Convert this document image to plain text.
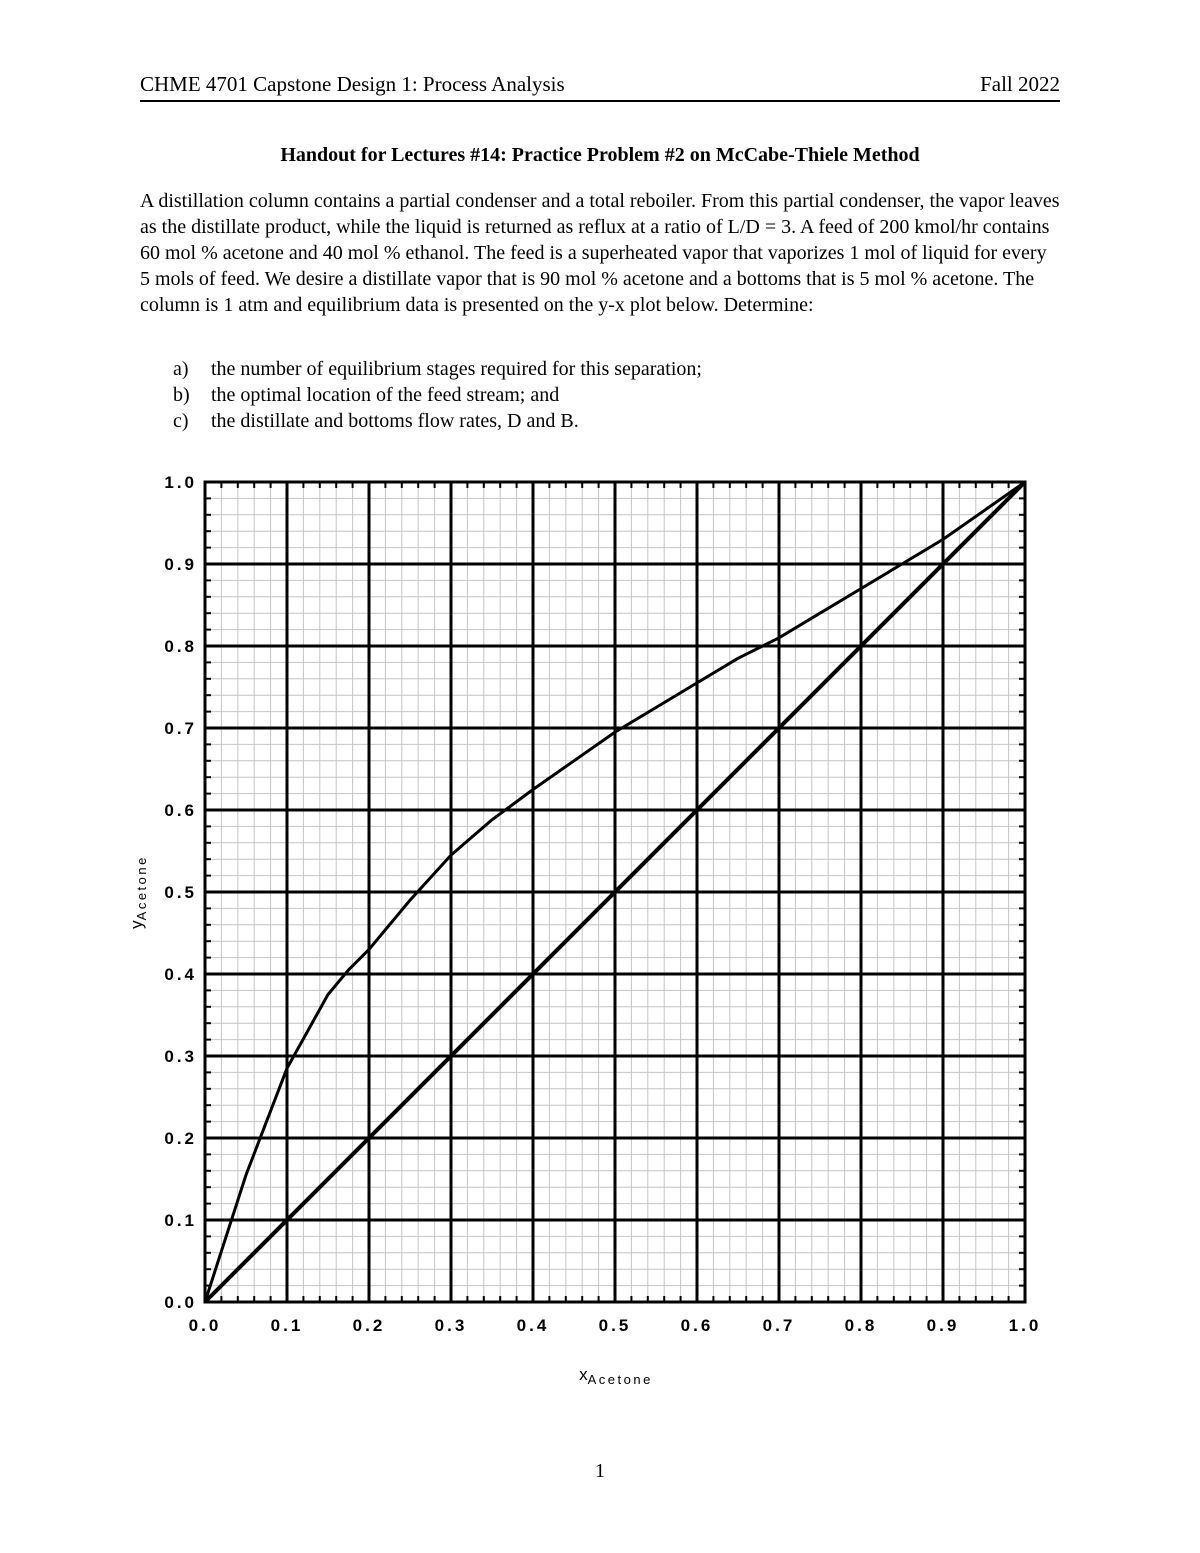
CHME 4701 Capstone Design 1: Process Analysis	Fall 2022
Handout for Lectures #14: Practice Problem #2 on McCabe-Thiele Method
A distillation column contains a partial condenser and a total reboiler. From this partial condenser, the vapor leaves as the distillate product, while the liquid is returned as reflux at a ratio of L/D = 3. A feed of 200 kmol/hr contains 60 mol % acetone and 40 mol % ethanol. The feed is a superheated vapor that vaporizes 1 mol of liquid for every 5 mols of feed. We desire a distillate vapor that is 90 mol % acetone and a bottoms that is 5 mol % acetone. The column is 1 atm and equilibrium data is presented on the y-x plot below. Determine:
a) the number of equilibrium stages required for this separation;
b) the optimal location of the feed stream; and
c) the distillate and bottoms flow rates, D and B.
0.0
0.0
0.1
0.1
0.2
0.2
0.3
0.3
0.4
0.4
0.5
0.5
0.6
0.6
0.7
0.7
0.8
0.8
0.9
0.9
1.0
1.0
$x_{Acetone}$
$y_{Acetone}$
1
